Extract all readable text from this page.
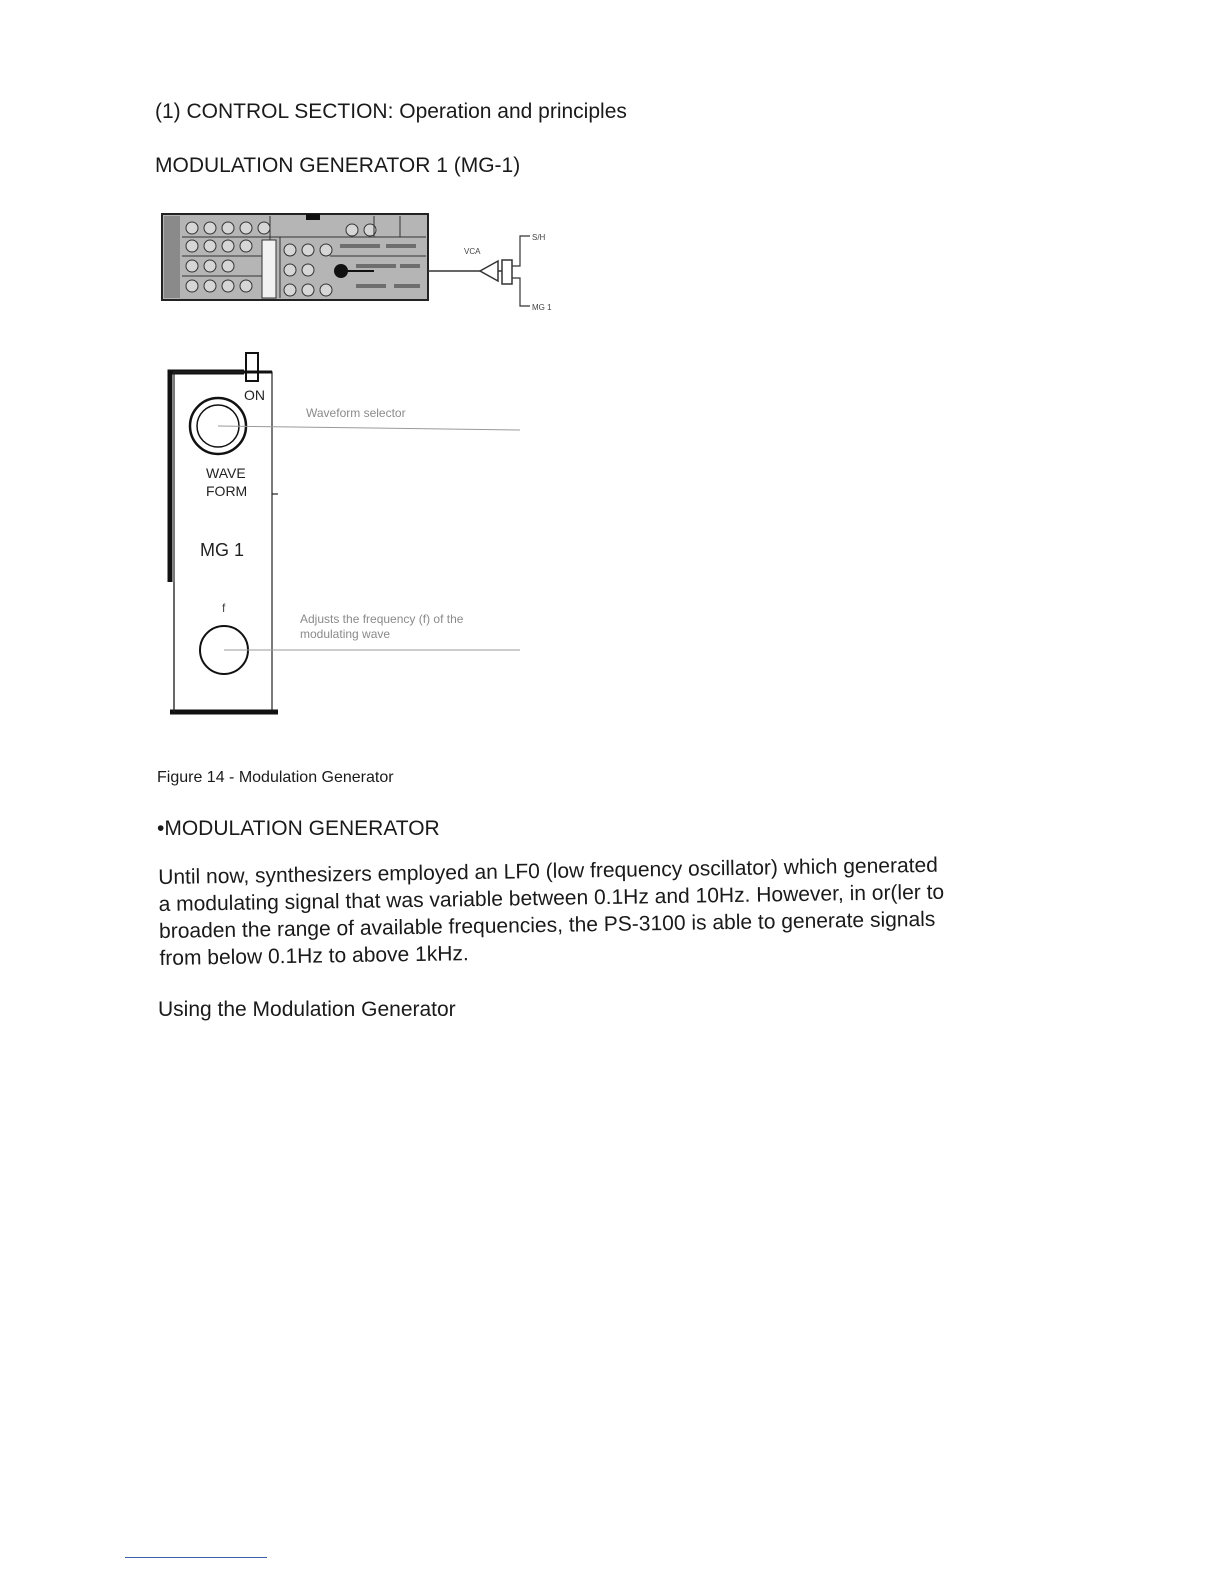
(1) CONTROL SECTION: Operation and principles
MODULATION GENERATOR 1 (MG-1)
VCA
S/H
MG 1
ON
WAVE
FORM
MG 1
f
Waveform selector
Adjusts the frequency (f) of the
modulating wave
Figure 14 - Modulation Generator
•MODULATION GENERATOR
Until now, synthesizers employed an LF0 (low frequency oscillator) which generated
a modulating signal that was variable between 0.1Hz and 10Hz. However, in or(ler to
broaden the range of available frequencies, the PS-3100 is able to generate signals
from below 0.1Hz to above 1kHz.
Using the Modulation Generator
